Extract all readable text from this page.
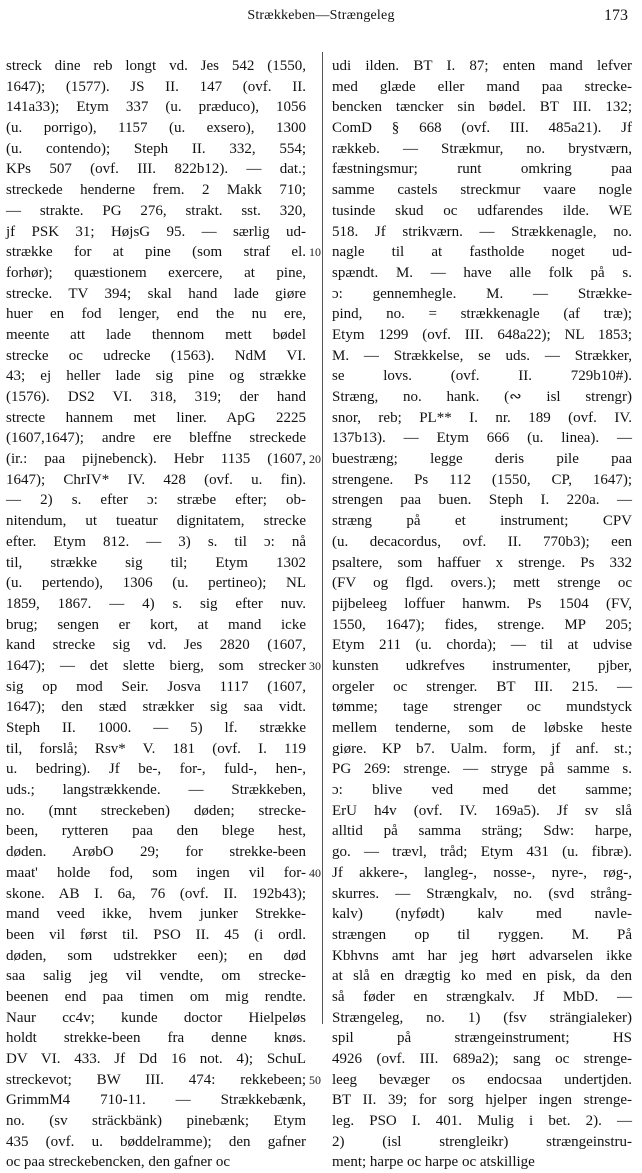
Strækkeben—Strængeleg	173
streck dine reb longt vd. Jes 542 (1550,
1647); (1577). JS II. 147 (ovf. II.
141a33); Etym 337 (u. præduco), 1056
(u. porrigo), 1157 (u. exsero), 1300
(u. contendo); Steph II. 332, 554;
KPs 507 (ovf. III. 822b12). — dat.;
streckede henderne frem. 2 Makk 710;
— strakte. PG 276, strakt. sst. 320,
jf PSK 31; HøjsG 95. — særlig ud-
strække for at pine (som straf el.
forhør); quæstionem exercere, at pine,
strecke. TV 394; skal hand lade giøre
huer en fod lenger, end the nu ere,
meente att lade thennom mett bødel
strecke oc udrecke (1563). NdM VI.
43; ej heller lade sig pine og strække
(1576). DS2 VI. 318, 319; der hand
strecte hannem met liner. ApG 2225
(1607,1647); andre ere bleffne streckede
(ir.: paa pijnebenck). Hebr 1135 (1607,
1647); ChrIV* IV. 428 (ovf. u. fin).
— 2) s. efter ɔ: stræbe efter; ob-
nitendum, ut tueatur dignitatem, strecke
efter. Etym 812. — 3) s. til ɔ: nå
til, strække sig til; Etym 1302
(u. pertendo), 1306 (u. pertineo); NL
1859, 1867. — 4) s. sig efter nuv.
brug; sengen er kort, at mand icke
kand strecke sig vd. Jes 2820 (1607,
1647); — det slette bierg, som strecker
sig op mod Seir. Josva 1117 (1607,
1647); den stæd strækker sig saa vidt.
Steph II. 1000. — 5) lf. strække
til, forslå; Rsv* V. 181 (ovf. I. 119
u. bedring). Jf be-, for-, fuld-, hen-,
uds.; langstrækkende. — Strækkeben,
no. (mnt streckeben) døden; strecke-
been, rytteren paa den blege hest,
døden. ArøbO 29; for strekke-been
maat' holde fod, som ingen vil for-
skone. AB I. 6a, 76 (ovf. II. 192b43);
mand veed ikke, hvem junker Strekke-
been vil først til. PSO II. 45 (i ordl.
døden, som udstrekker een); en død
saa salig jeg vil vendte, om strecke-
beenen end paa timen om mig rendte.
Naur cc4v; kunde doctor Hielpeløs
holdt strekke-been fra denne knøs.
DV VI. 433. Jf Dd 16 not. 4); SchuL
streckevot; BW III. 474: rekkebeen;
GrimmM4 710-11. — Strækkebænk,
no. (sv sträckbänk) pinebænk; Etym
435 (ovf. u. bøddelramme); den gafner
oc paa streckebencken, den gafner oc
10
20
30
40
50
udi ilden. BT I. 87; enten mand lefver
med glæde eller mand paa strecke-
bencken tæncker sin bødel. BT III. 132;
ComD § 668 (ovf. III. 485a21). Jf
rækkeb. — Strækmur, no. brystværn,
fæstningsmur; runt omkring paa
samme castels streckmur vaare nogle
tusinde skud oc udfarendes ilde. WE
518. Jf strikværn. — Strækkenagle, no.
nagle til at fastholde noget ud-
spændt. M. — have alle folk på s.
ɔ: gennemhegle. M. — Strække-
pind, no. = strækkenagle (af træ);
Etym 1299 (ovf. III. 648a22); NL 1853;
M. — Strækkelse, se uds. — Strækker,
se lovs. (ovf. II. 729b10#).
Stræng, no. hank. (∾ isl strengr)
snor, reb; PL** I. nr. 189 (ovf. IV.
137b13). — Etym 666 (u. linea). —
buestræng; legge deris pile paa
strengene. Ps 112 (1550, CP, 1647);
strengen paa buen. Steph I. 220a. —
stræng på et instrument; CPV
(u. decacordus, ovf. II. 770b3); een
psaltere, som haffuer x strenge. Ps 332
(FV og flgd. overs.); mett strenge oc
pijbeleeg loffuer hanwm. Ps 1504 (FV,
1550, 1647); fides, strenge. MP 205;
Etym 211 (u. chorda); — til at udvise
kunsten udkrefves instrumenter, pjber,
orgeler oc strenger. BT III. 215. —
tømme; tage strenger oc mundstyck
mellem tenderne, som de løbske heste
giøre. KP b7. Ualm. form, jf anf. st.;
PG 269: strenge. — stryge på samme s.
ɔ: blive ved med det samme;
ErU h4v (ovf. IV. 169a5). Jf sv slå
alltid på samma sträng; Sdw: harpe,
go. — trævl, tråd; Etym 431 (u. fibræ).
Jf akkere-, langleg-, nosse-, nyre-, røg-,
skurres. — Strængkalv, no. (svd strång-
kalv) (nyfødt) kalv med navle-
strængen op til ryggen. M. På
Kbhvns amt har jeg hørt advarselen ikke
at slå en drægtig ko med en pisk, da den
så føder en strængkalv. Jf MbD. —
Strængeleg, no. 1) (fsv strängialeker)
spil på strængeinstrument; HS
4926 (ovf. III. 689a2); sang oc strenge-
leeg bevæger os endocsaa undertjden.
BT II. 39; for sorg hjelper ingen strenge-
leg. PSO I. 401. Mulig i bet. 2). —
2) (isl strengleikr) strængeinstru-
ment; harpe oc harpe oc atskillige
